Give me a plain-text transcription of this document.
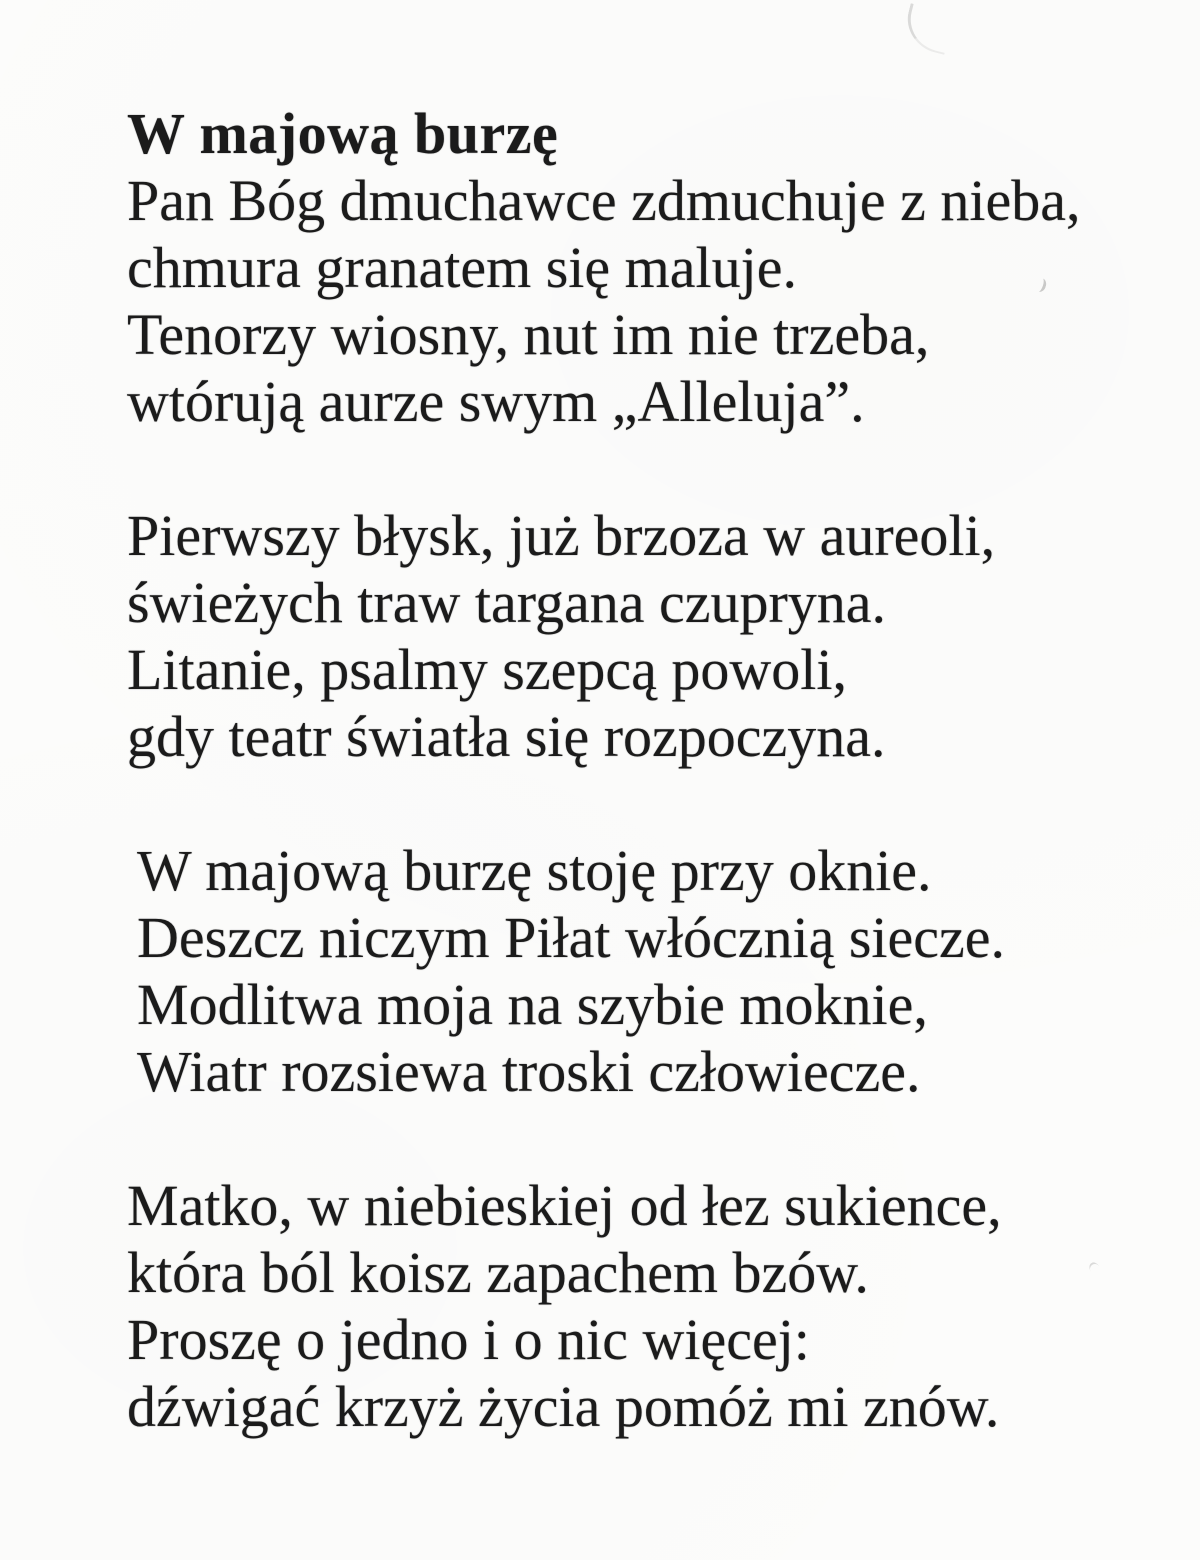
W majową burzę
Pan Bóg dmuchawce zdmuchuje z nieba,
chmura granatem się maluje.
Tenorzy wiosny, nut im nie trzeba,
wtórują aurze swym „Alleluja”.
Pierwszy błysk, już brzoza w aureoli,
świeżych traw targana czupryna.
Litanie, psalmy szepcą powoli,
gdy teatr światła się rozpoczyna.
W majową burzę stoję przy oknie.
Deszcz niczym Piłat włócznią siecze.
Modlitwa moja na szybie moknie,
Wiatr rozsiewa troski człowiecze.
Matko, w niebieskiej od łez sukience,
która ból koisz zapachem bzów.
Proszę o jedno i o nic więcej:
dźwigać krzyż życia pomóż mi znów.
